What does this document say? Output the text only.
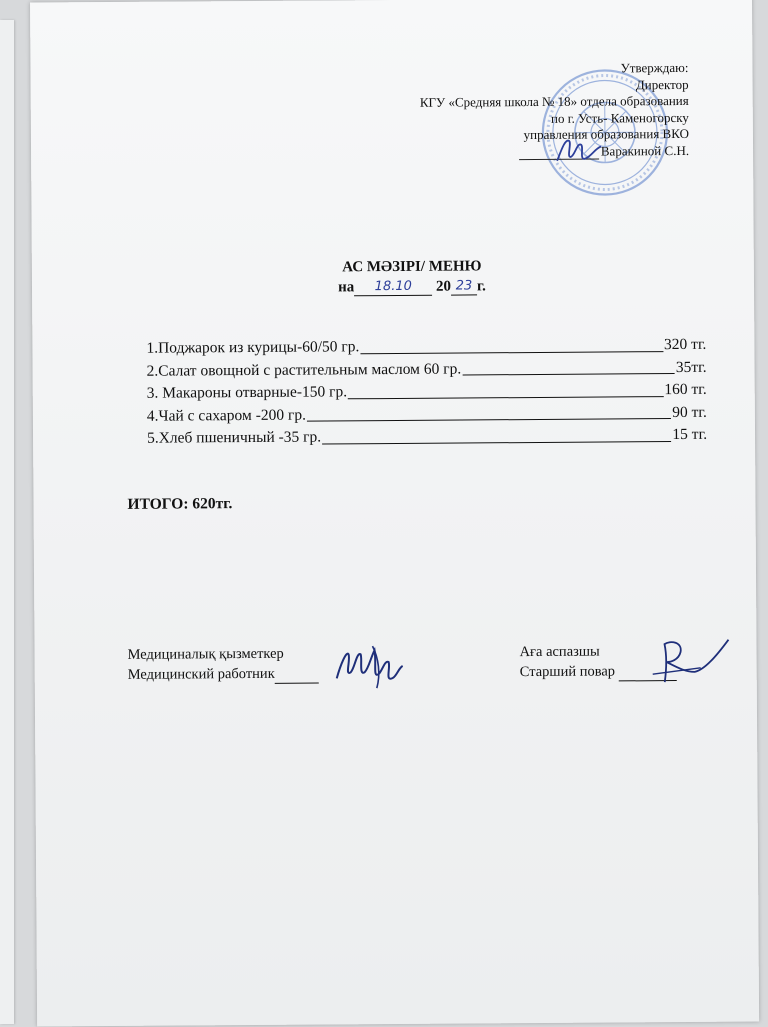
Утверждаю:
Директор
КГУ «Средняя школа № 18» отдела образования
по г. Усть- Каменогорску
управления образования ВКО
Варакиной С.Н.
АС МӘЗІРІ/ МЕНЮ
на	18.10	20 23 г.
1.Поджарок из курицы-60/50 гр.	320 тг.
2.Салат овощной с растительным маслом 60 гр.	35тг.
3. Макароны отварные-150 гр.	160 тг.
4.Чай с сахаром -200 гр.	90 тг.
5.Хлеб пшеничный -35 гр.	15 тг.
ИТОГО: 620тг.
Медициналық қызметкер
Медицинский работник
Аға аспазшы
Старший повар
